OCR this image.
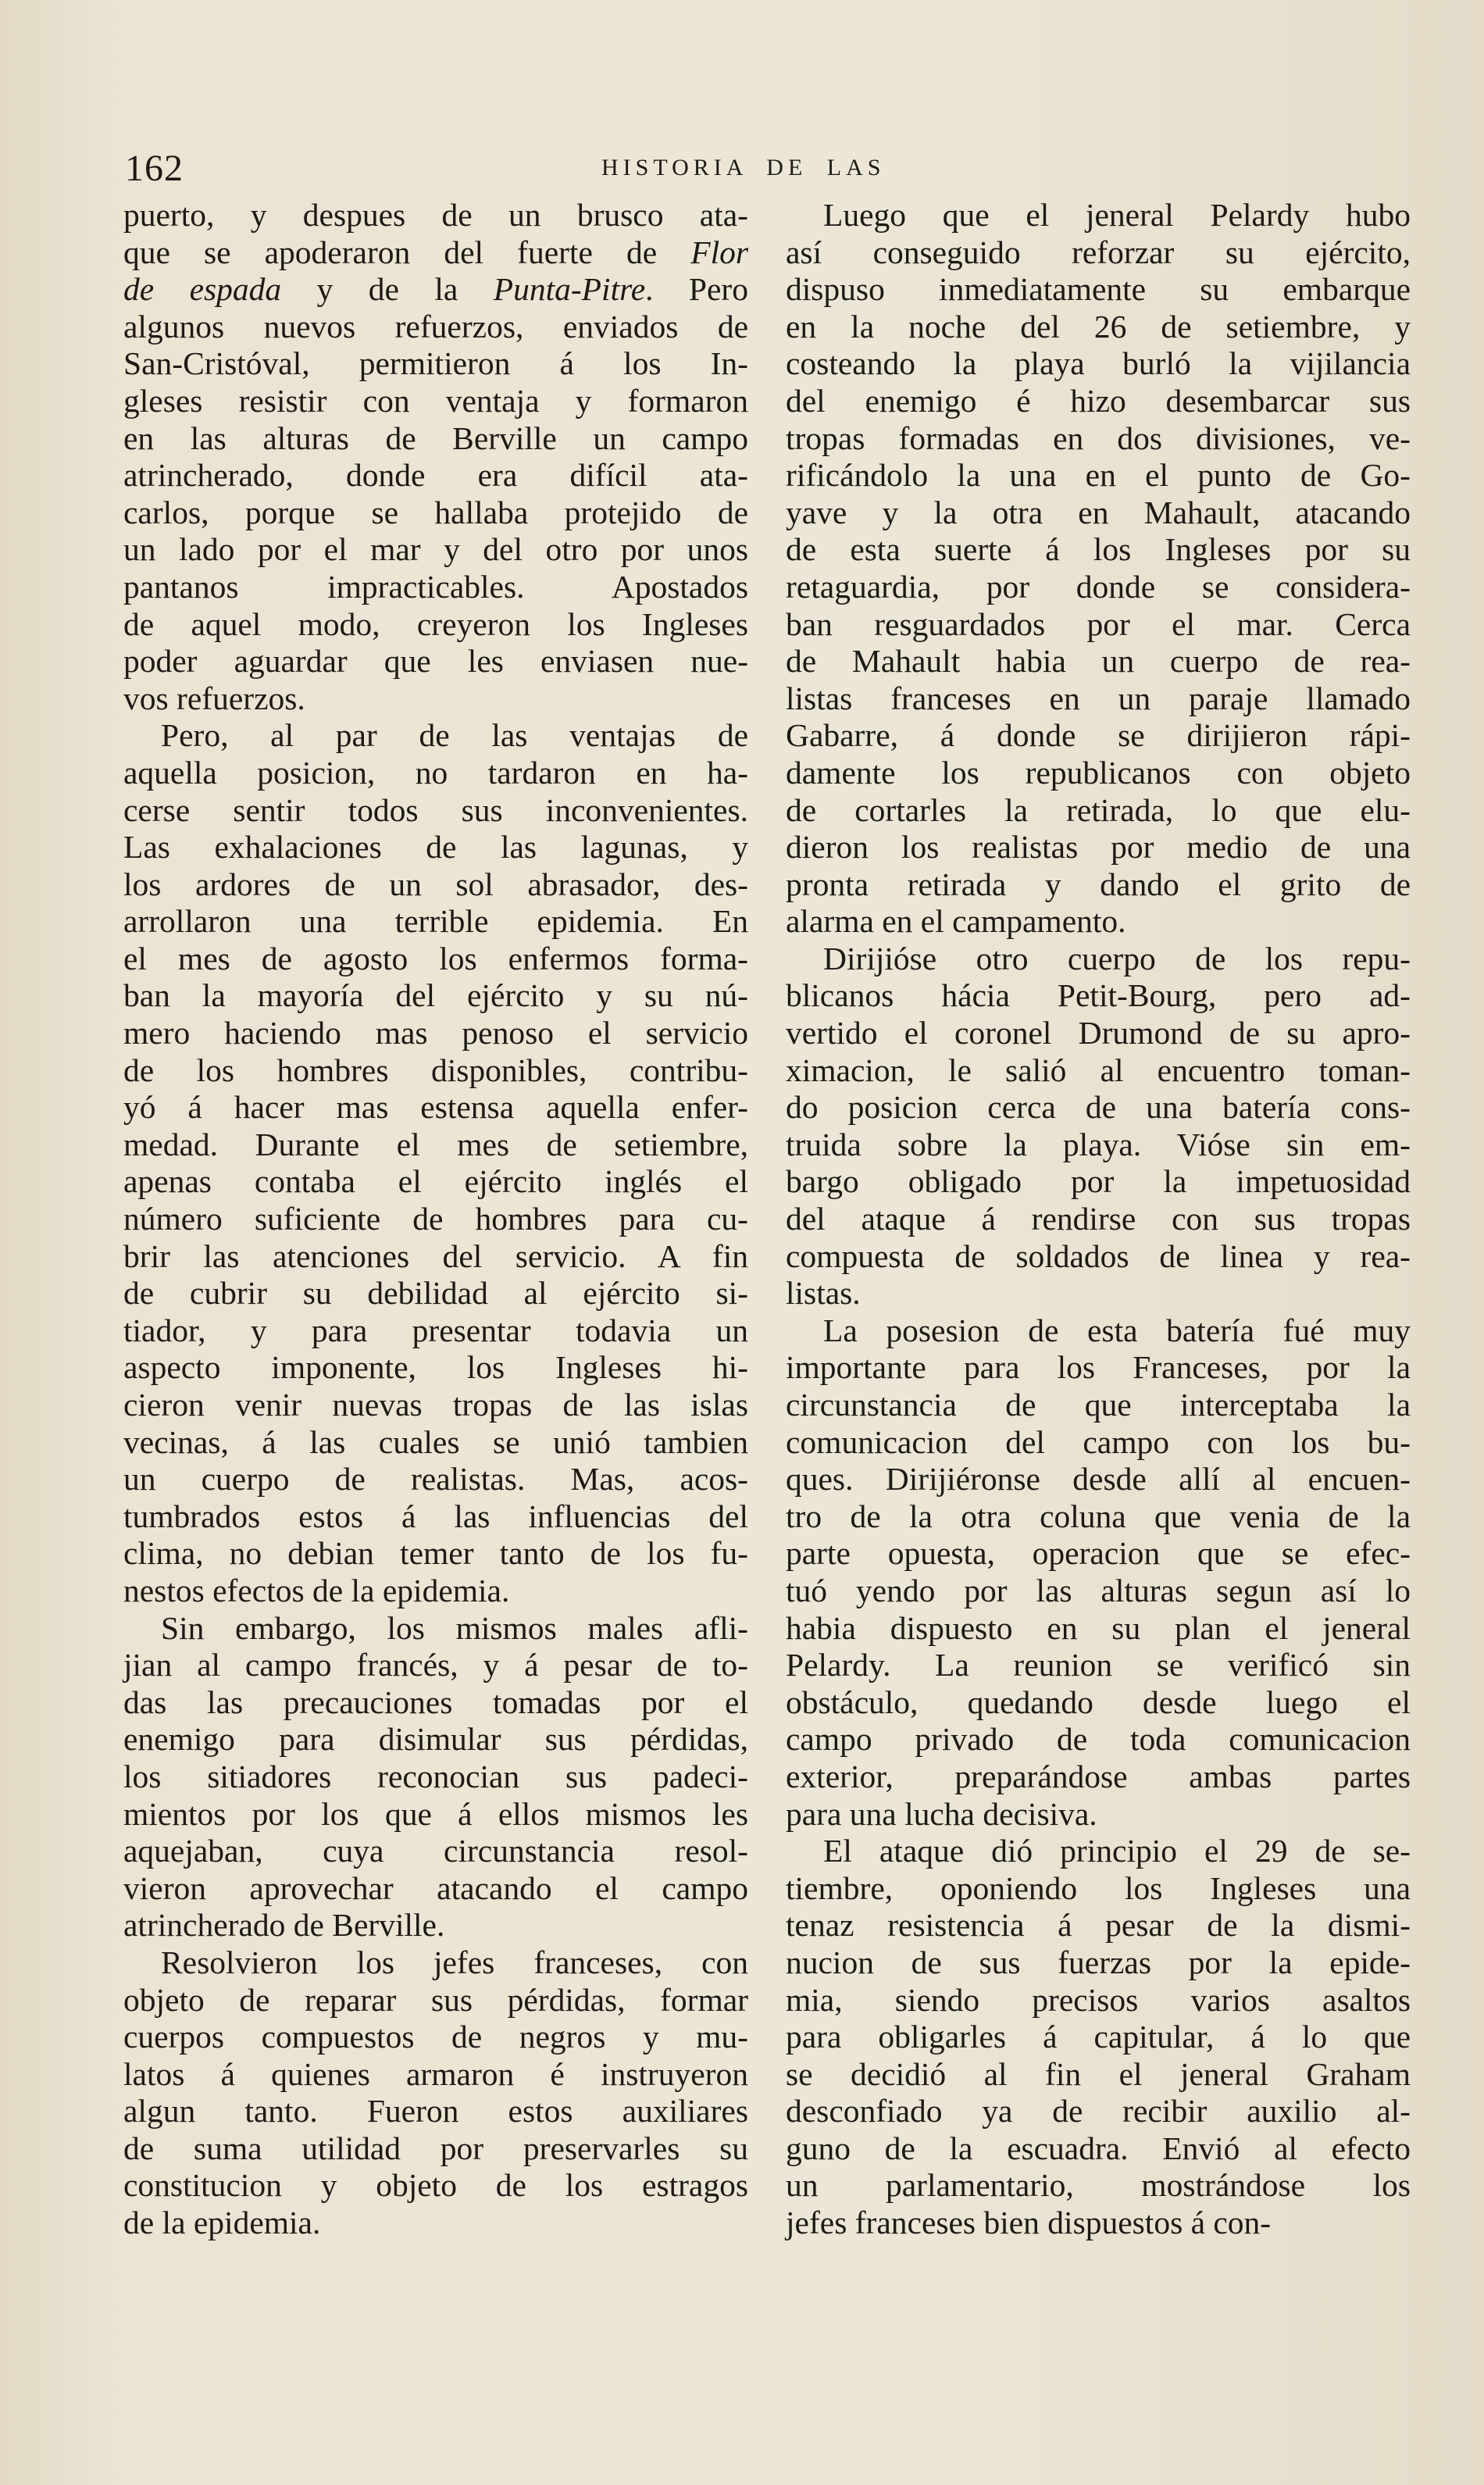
162	HISTORIA DE LAS
puerto, y despues de un brusco ata-
que se apoderaron del fuerte de Flor
de espada y de la Punta-Pitre. Pero
algunos nuevos refuerzos, enviados de
San-Cristóval, permitieron á los In-
gleses resistir con ventaja y formaron
en las alturas de Berville un campo
atrincherado, donde era difícil ata-
carlos, porque se hallaba protejido de
un lado por el mar y del otro por unos
pantanos impracticables. Apostados
de aquel modo, creyeron los Ingleses
poder aguardar que les enviasen nue-
vos refuerzos.
Pero, al par de las ventajas de
aquella posicion, no tardaron en ha-
cerse sentir todos sus inconvenientes.
Las exhalaciones de las lagunas, y
los ardores de un sol abrasador, des-
arrollaron una terrible epidemia. En
el mes de agosto los enfermos forma-
ban la mayoría del ejército y su nú-
mero haciendo mas penoso el servicio
de los hombres disponibles, contribu-
yó á hacer mas estensa aquella enfer-
medad. Durante el mes de setiembre,
apenas contaba el ejército inglés el
número suficiente de hombres para cu-
brir las atenciones del servicio. A fin
de cubrir su debilidad al ejército si-
tiador, y para presentar todavia un
aspecto imponente, los Ingleses hi-
cieron venir nuevas tropas de las islas
vecinas, á las cuales se unió tambien
un cuerpo de realistas. Mas, acos-
tumbrados estos á las influencias del
clima, no debian temer tanto de los fu-
nestos efectos de la epidemia.
Sin embargo, los mismos males afli-
jian al campo francés, y á pesar de to-
das las precauciones tomadas por el
enemigo para disimular sus pérdidas,
los sitiadores reconocian sus padeci-
mientos por los que á ellos mismos les
aquejaban, cuya circunstancia resol-
vieron aprovechar atacando el campo
atrincherado de Berville.
Resolvieron los jefes franceses, con
objeto de reparar sus pérdidas, formar
cuerpos compuestos de negros y mu-
latos á quienes armaron é instruyeron
algun tanto. Fueron estos auxiliares
de suma utilidad por preservarles su
constitucion y objeto de los estragos
de la epidemia.
Luego que el jeneral Pelardy hubo
así conseguido reforzar su ejército,
dispuso inmediatamente su embarque
en la noche del 26 de setiembre, y
costeando la playa burló la vijilancia
del enemigo é hizo desembarcar sus
tropas formadas en dos divisiones, ve-
rificándolo la una en el punto de Go-
yave y la otra en Mahault, atacando
de esta suerte á los Ingleses por su
retaguardia, por donde se considera-
ban resguardados por el mar. Cerca
de Mahault habia un cuerpo de rea-
listas franceses en un paraje llamado
Gabarre, á donde se dirijieron rápi-
damente los republicanos con objeto
de cortarles la retirada, lo que elu-
dieron los realistas por medio de una
pronta retirada y dando el grito de
alarma en el campamento.
Dirijióse otro cuerpo de los repu-
blicanos hácia Petit-Bourg, pero ad-
vertido el coronel Drumond de su apro-
ximacion, le salió al encuentro toman-
do posicion cerca de una batería cons-
truida sobre la playa. Vióse sin em-
bargo obligado por la impetuosidad
del ataque á rendirse con sus tropas
compuesta de soldados de linea y rea-
listas.
La posesion de esta batería fué muy
importante para los Franceses, por la
circunstancia de que interceptaba la
comunicacion del campo con los bu-
ques. Dirijiéronse desde allí al encuen-
tro de la otra coluna que venia de la
parte opuesta, operacion que se efec-
tuó yendo por las alturas segun así lo
habia dispuesto en su plan el jeneral
Pelardy. La reunion se verificó sin
obstáculo, quedando desde luego el
campo privado de toda comunicacion
exterior, preparándose ambas partes
para una lucha decisiva.
El ataque dió principio el 29 de se-
tiembre, oponiendo los Ingleses una
tenaz resistencia á pesar de la dismi-
nucion de sus fuerzas por la epide-
mia, siendo precisos varios asaltos
para obligarles á capitular, á lo que
se decidió al fin el jeneral Graham
desconfiado ya de recibir auxilio al-
guno de la escuadra. Envió al efecto
un parlamentario, mostrándose los
jefes franceses bien dispuestos á con-
